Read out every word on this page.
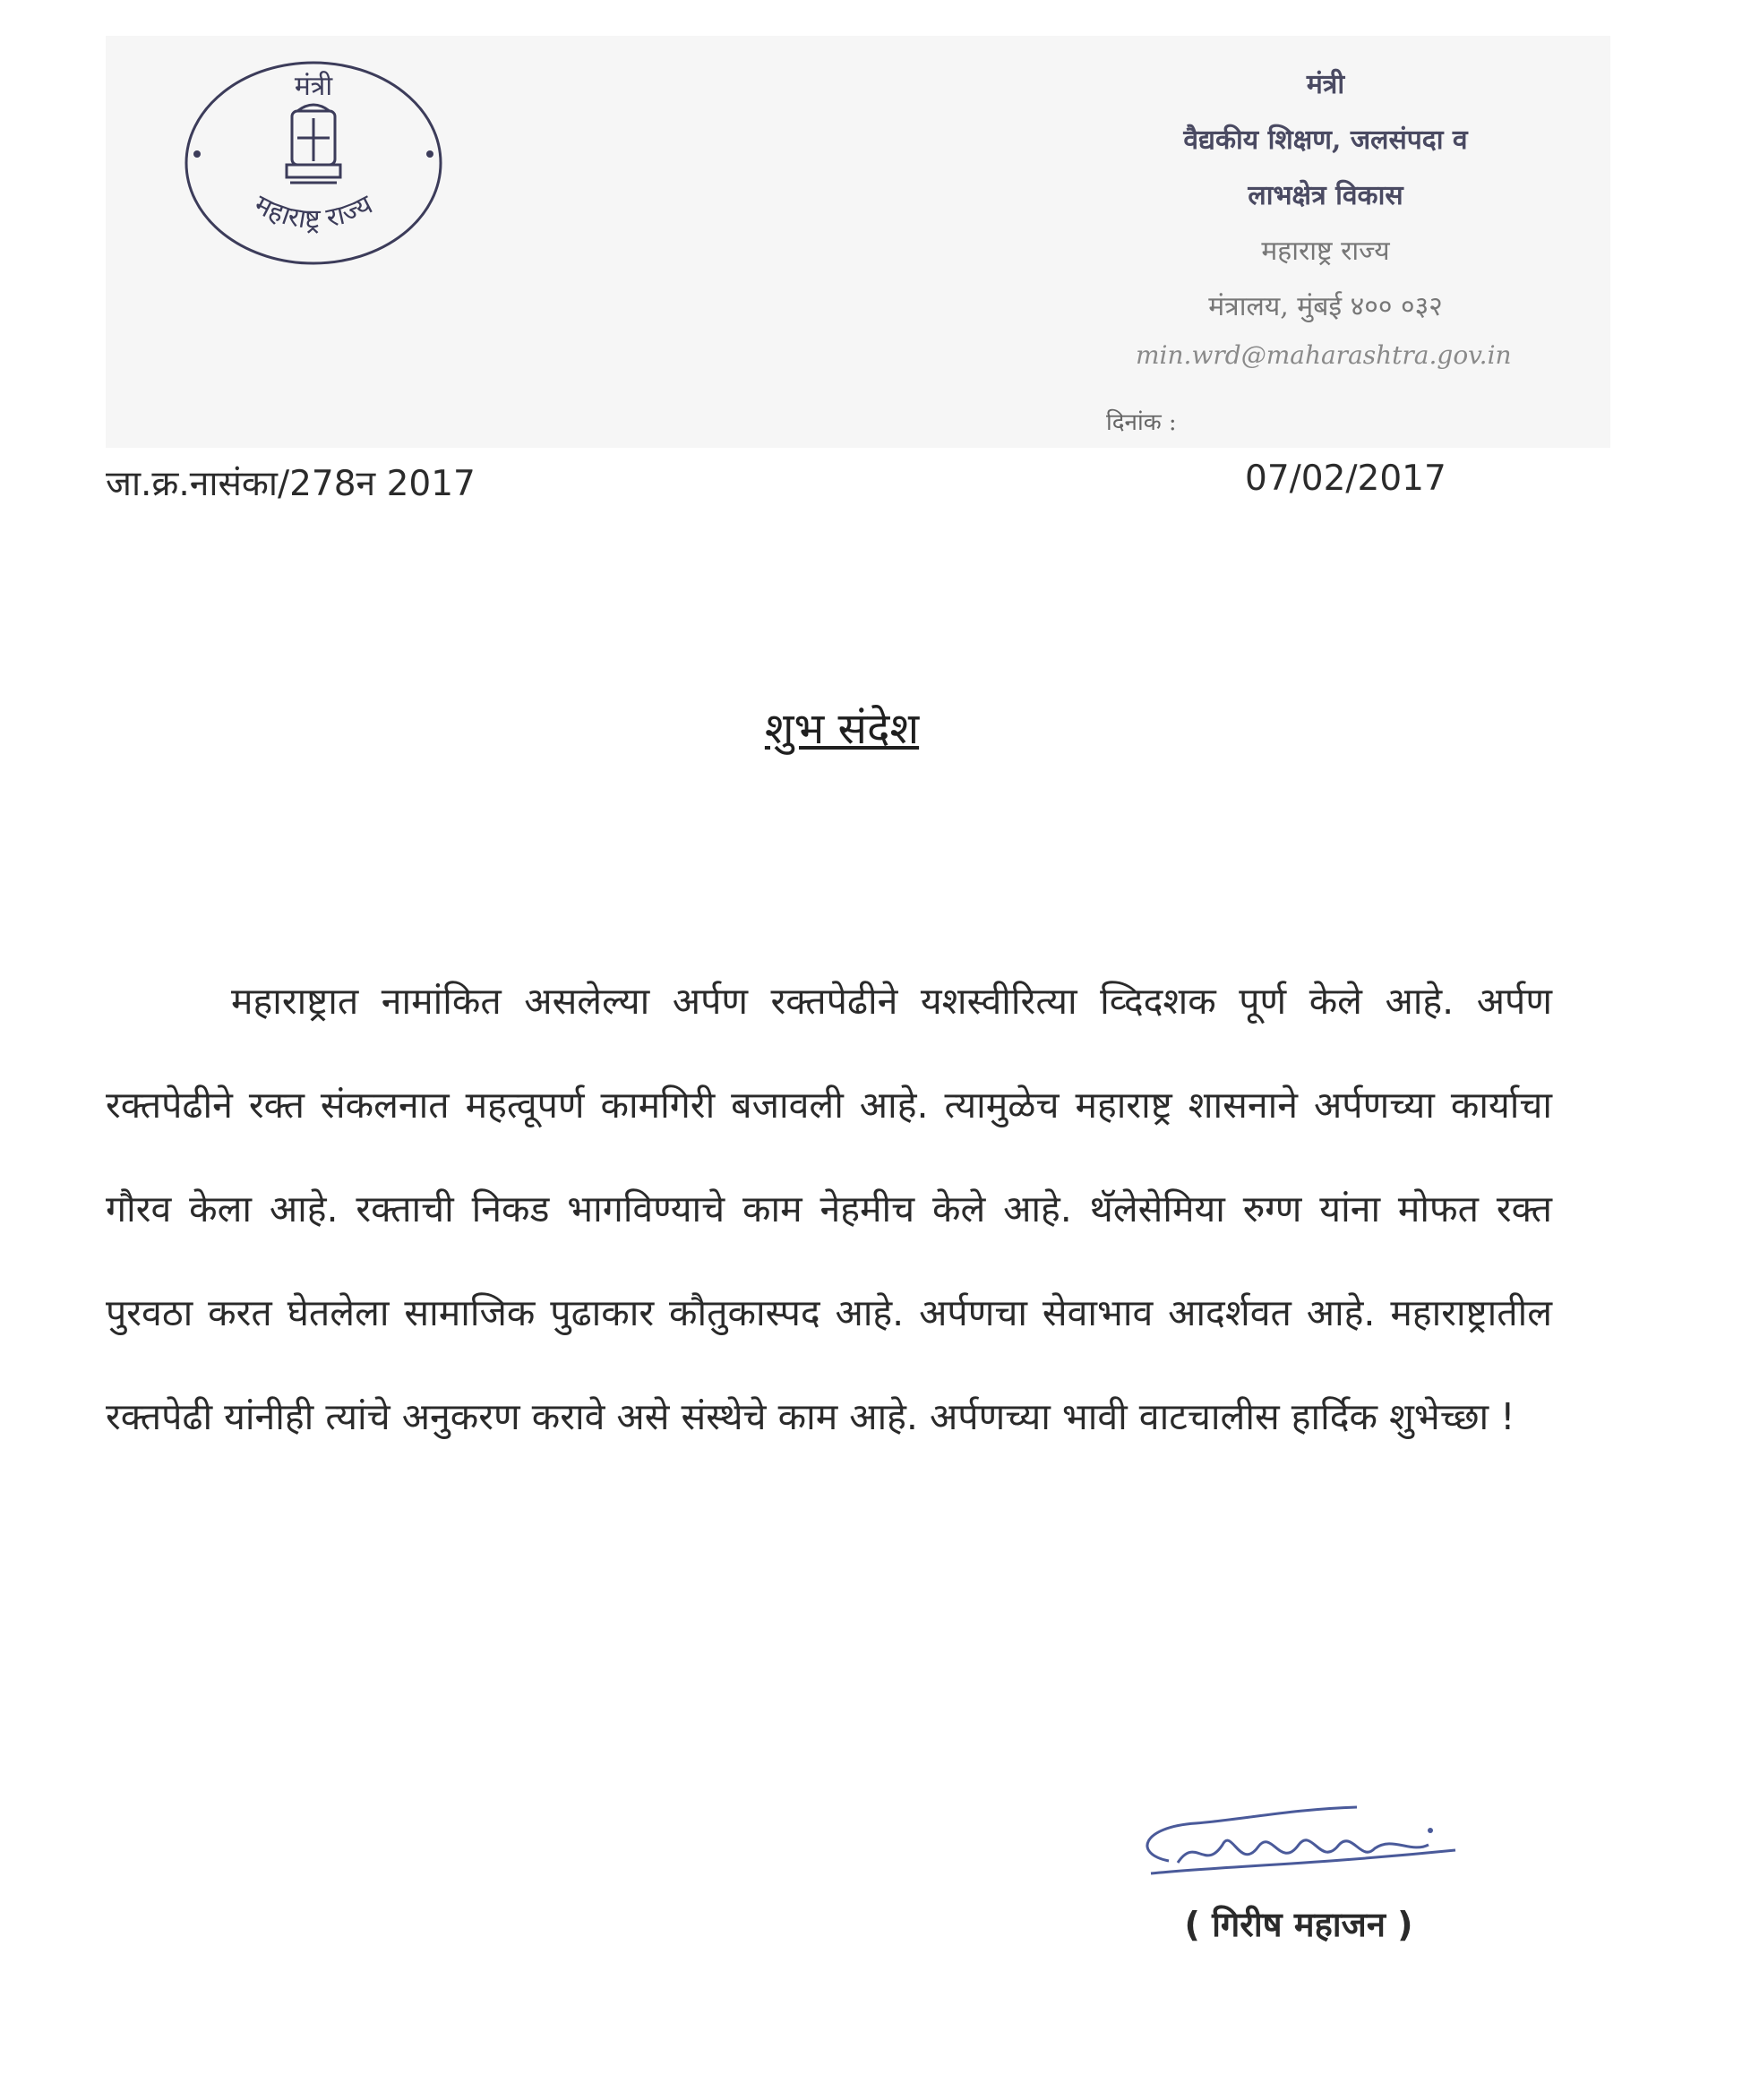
मंत्री
महाराष्ट्र राज्य
मंत्री
वैद्यकीय शिक्षण, जलसंपदा व
लाभक्षेत्र विकास
महाराष्ट्र राज्य
मंत्रालय, मुंबई ४०० ०३२
min.wrd@maharashtra.gov.in
दिनांक :
जा.क्र.नासंका/278न 2017	07/02/2017
शुभ संदेश

महाराष्ट्रात नामांकित असलेल्या अर्पण रक्तपेढीने यशस्वीरित्या व्दिदशक पूर्ण केले आहे. अर्पण रक्तपेढीने रक्त संकलनात महत्वूपर्ण कामगिरी बजावली आहे. त्यामुळेच महाराष्ट्र शासनाने अर्पणच्या कार्याचा गौरव केला आहे. रक्ताची निकड भागविण्याचे काम नेहमीच केले आहे. थॅलेसेमिया रुग्ण यांना मोफत रक्त पुरवठा करत घेतलेला सामाजिक पुढाकार कौतुकास्पद आहे. अर्पणचा सेवाभाव आदर्शवत आहे. महाराष्ट्रातील रक्तपेढी यांनीही त्यांचे अनुकरण करावे असे संस्थेचे काम आहे. अर्पणच्या भावी वाटचालीस हार्दिक शुभेच्छा !

( गिरीष महाजन )
